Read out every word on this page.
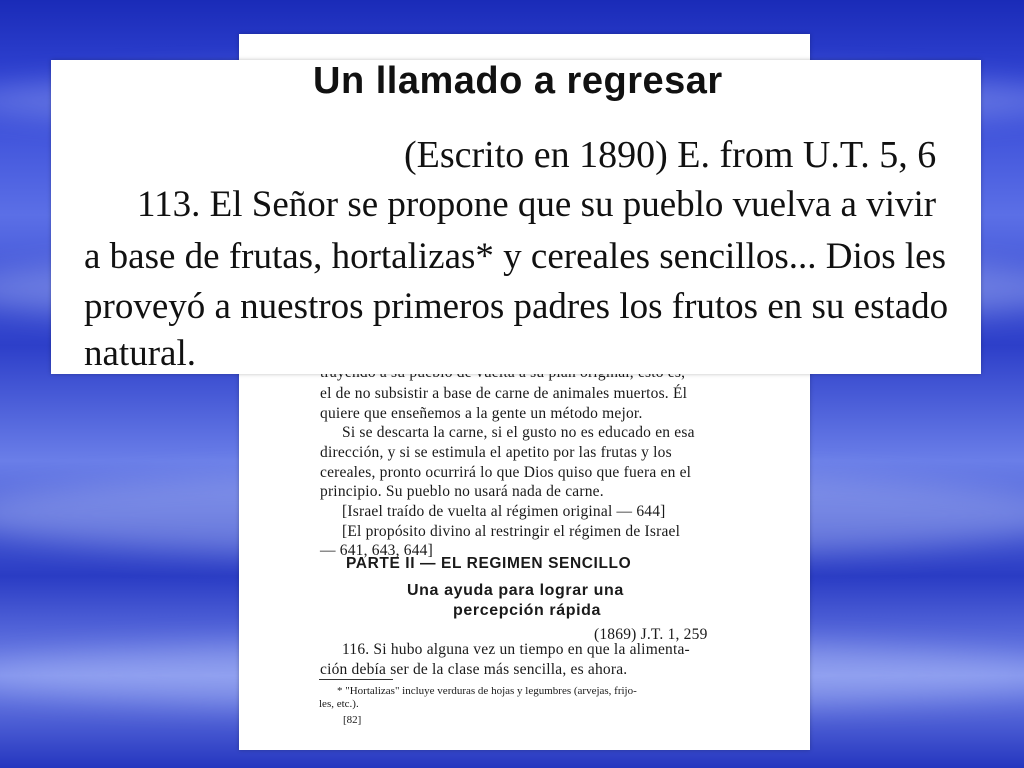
el de no subsistir a base de carne de animales muertos. Él
quiere que enseñemos a la gente un método mejor.
Si se descarta la carne, si el gusto no es educado en esa
dirección, y si se estimula el apetito por las frutas y los
cereales, pronto ocurrirá lo que Dios quiso que fuera en el
principio. Su pueblo no usará nada de carne.
[Israel traído de vuelta al régimen original — 644]
[El propósito divino al restringir el régimen de Israel
— 641, 643, 644]
PARTE II — EL REGIMEN SENCILLO
Una ayuda para lograr una
percepción rápida
(1869) J.T. 1, 259
116. Si hubo alguna vez un tiempo en que la alimenta-
ción debía ser de la clase más sencilla, es ahora.
* "Hortalizas" incluye verduras de hojas y legumbres (arvejas, frijo-
les, etc.).
[82]
(Escrito en 1890) E. from U.T. 5, 6
113. El Señor se propone que su pueblo vuelva a vivir
a base de frutas, hortalizas* y cereales sencillos... Dios les
proveyó a nuestros primeros padres los frutos en su estado
natural.
Un llamado a regresar
